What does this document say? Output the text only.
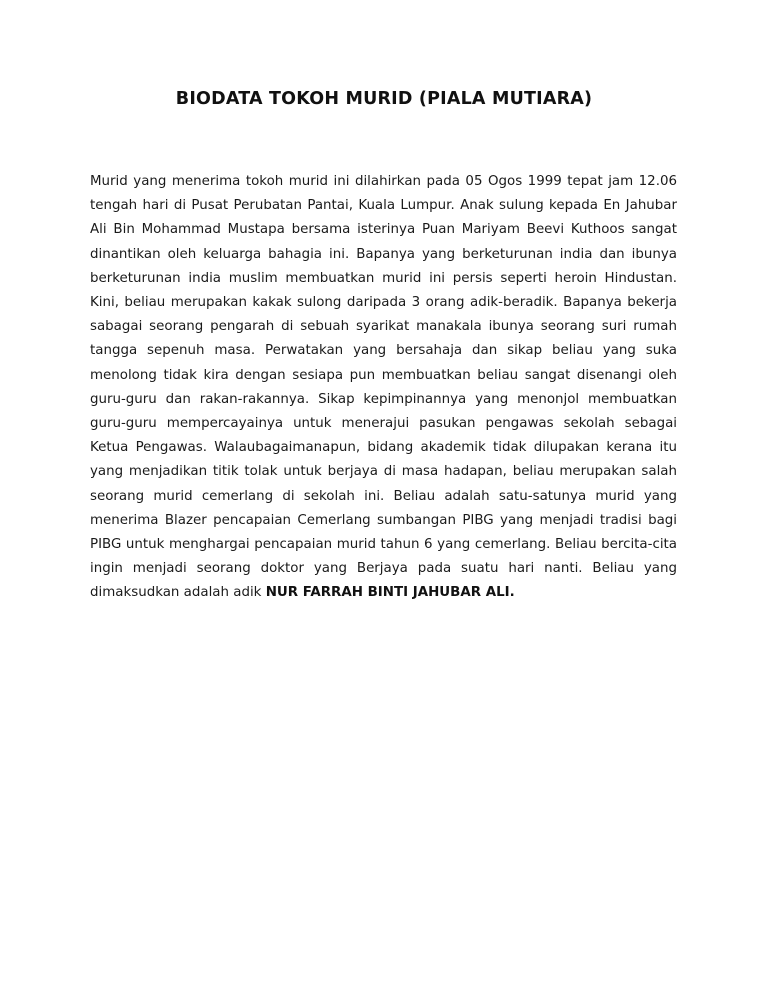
BIODATA TOKOH MURID (PIALA MUTIARA)

Murid yang menerima tokoh murid ini dilahirkan pada 05 Ogos 1999 tepat jam 12.06 tengah hari di Pusat Perubatan Pantai, Kuala Lumpur. Anak sulung kepada En Jahubar Ali Bin Mohammad Mustapa bersama isterinya Puan Mariyam Beevi Kuthoos sangat dinantikan oleh keluarga bahagia ini. Bapanya yang berketurunan india dan ibunya berketurunan india muslim membuatkan murid ini persis seperti heroin Hindustan. Kini, beliau merupakan kakak sulong daripada 3 orang adik-beradik. Bapanya bekerja sabagai seorang pengarah di sebuah syarikat manakala ibunya seorang suri rumah tangga sepenuh masa. Perwatakan yang bersahaja dan sikap beliau yang suka menolong tidak kira dengan sesiapa pun membuatkan beliau sangat disenangi oleh guru-guru dan rakan-rakannya. Sikap kepimpinannya yang menonjol membuatkan guru-guru mempercayainya untuk menerajui pasukan pengawas sekolah sebagai Ketua Pengawas. Walaubagaimanapun, bidang akademik tidak dilupakan kerana itu yang menjadikan titik tolak untuk berjaya di masa hadapan, beliau merupakan salah seorang murid cemerlang di sekolah ini. Beliau adalah satu-satunya murid yang menerima Blazer pencapaian Cemerlang sumbangan PIBG yang menjadi tradisi bagi PIBG untuk menghargai pencapaian murid tahun 6 yang cemerlang. Beliau bercita-cita ingin menjadi seorang doktor yang Berjaya pada suatu hari nanti. Beliau yang dimaksudkan adalah adik NUR FARRAH BINTI JAHUBAR ALI.
